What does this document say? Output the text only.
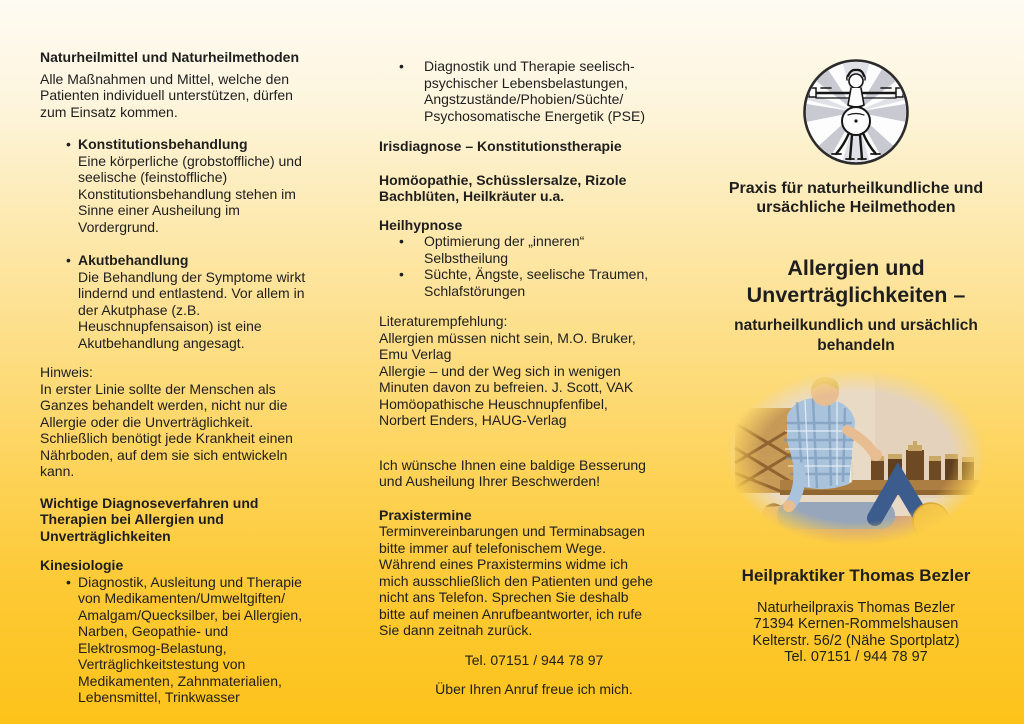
Naturheilmittel und Naturheilmethoden
Alle Maßnahmen und Mittel, welche den
Patienten individuell unterstützen, dürfen
zum Einsatz kommen.
• Konstitutionsbehandlung
Eine körperliche (grobstoffliche) und
seelische (feinstoffliche)
Konstitutionsbehandlung stehen im
Sinne einer Ausheilung im
Vordergrund.
• Akutbehandlung
Die Behandlung der Symptome wirkt
lindernd und entlastend. Vor allem in
der Akutphase (z.B.
Heuschnupfensaison) ist eine
Akutbehandlung angesagt.
Hinweis:
In erster Linie sollte der Menschen als
Ganzes behandelt werden, nicht nur die
Allergie oder die Unverträglichkeit.
Schließlich benötigt jede Krankheit einen
Nährboden, auf dem sie sich entwickeln
kann.
Wichtige Diagnoseverfahren und
Therapien bei Allergien und
Unverträglichkeiten
Kinesiologie
• Diagnostik, Ausleitung und Therapie
von Medikamenten/Umweltgiften/
Amalgam/Quecksilber, bei Allergien,
Narben, Geopathie- und
Elektrosmog-Belastung,
Verträglichkeitstestung von
Medikamenten, Zahnmaterialien,
Lebensmittel, Trinkwasser
• Diagnostik und Therapie seelisch-
psychischer Lebensbelastungen,
Angstzustände/Phobien/Süchte/
Psychosomatische Energetik (PSE)
Irisdiagnose – Konstitutionstherapie
Homöopathie, Schüsslersalze, Rizole
Bachblüten, Heilkräuter u.a.
Heilhypnose
• Optimierung der „inneren“
Selbstheilung
• Süchte, Ängste, seelische Traumen,
Schlafstörungen
Literaturempfehlung:
Allergien müssen nicht sein, M.O. Bruker,
Emu Verlag
Allergie – und der Weg sich in wenigen
Minuten davon zu befreien. J. Scott, VAK
Homöopathische Heuschnupfenfibel,
Norbert Enders, HAUG-Verlag
Ich wünsche Ihnen eine baldige Besserung
und Ausheilung Ihrer Beschwerden!
Praxistermine
Terminvereinbarungen und Terminabsagen
bitte immer auf telefonischem Wege.
Während eines Praxistermins widme ich
mich ausschließlich den Patienten und gehe
nicht ans Telefon. Sprechen Sie deshalb
bitte auf meinen Anrufbeantworter, ich rufe
Sie dann zeitnah zurück.
Tel. 07151 / 944 78 97
Über Ihren Anruf freue ich mich.
Praxis für naturheilkundliche und
ursächliche Heilmethoden
Allergien und
Unverträglichkeiten –
naturheilkundlich und ursächlich
behandeln
Heilpraktiker Thomas Bezler
Naturheilpraxis Thomas Bezler
71394 Kernen-Rommelshausen
Kelterstr. 56/2 (Nähe Sportplatz)
Tel. 07151 / 944 78 97
